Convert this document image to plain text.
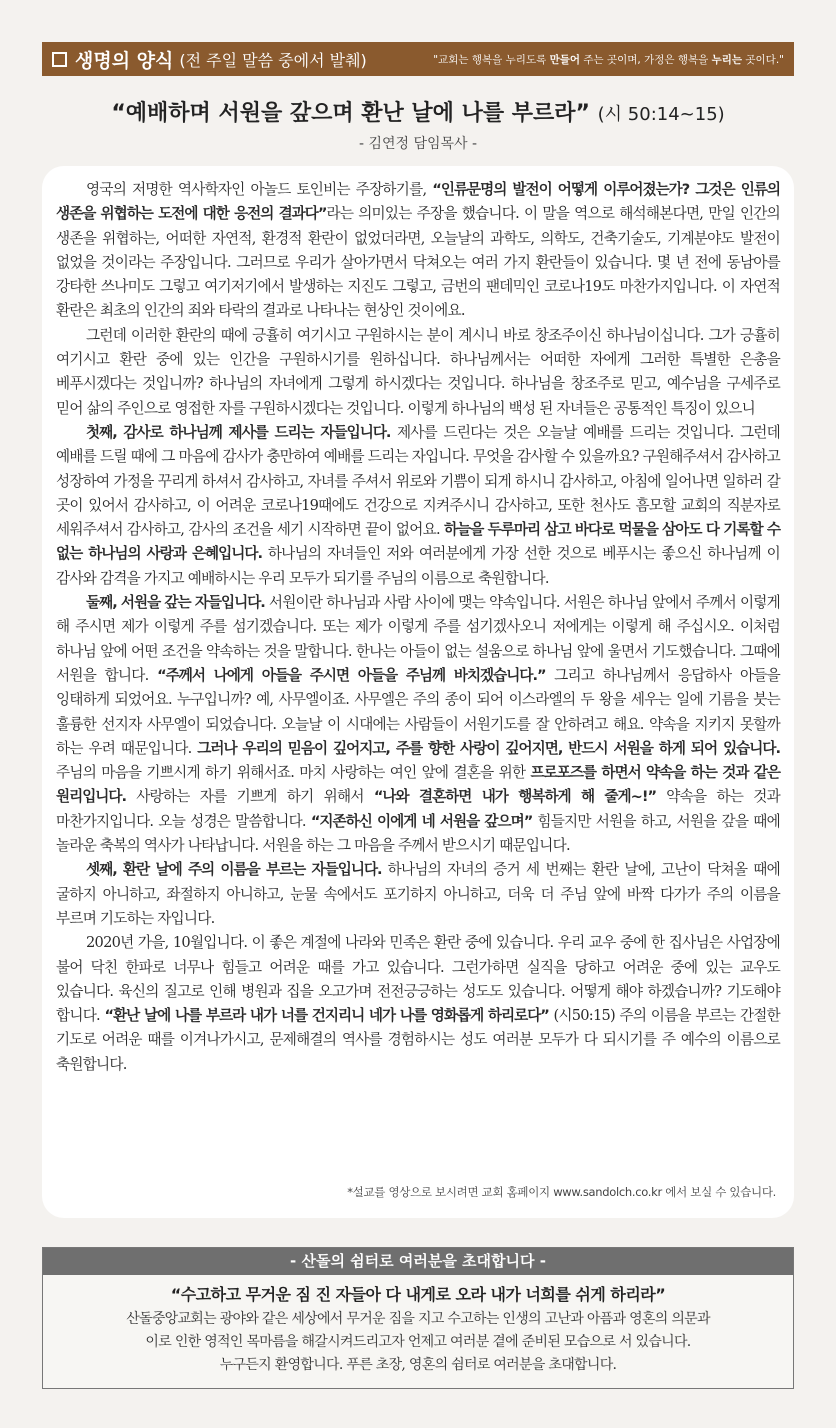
생명의 양식 (전 주일 말씀 중에서 발췌)	"교회는 행복을 누리도록 만들어 주는 곳이며, 가정은 행복을 누리는 곳이다."
“예배하며 서원을 갚으며 환난 날에 나를 부르라” (시 50:14~15)
- 김연정 담임목사 -

영국의 저명한 역사학자인 아놀드 토인비는 주장하기를, “인류문명의 발전이 어떻게 이루어졌는가? 그것은 인류의 생존을 위협하는 도전에 대한 응전의 결과다”라는 의미있는 주장을 했습니다. 이 말을 역으로 해석해본다면, 만일 인간의 생존을 위협하는, 어떠한 자연적, 환경적 환란이 없었더라면, 오늘날의 과학도, 의학도, 건축기술도, 기계분야도 발전이 없었을 것이라는 주장입니다. 그러므로 우리가 살아가면서 닥쳐오는 여러 가지 환란들이 있습니다. 몇 년 전에 동남아를 강타한 쓰나미도 그렇고 여기저기에서 발생하는 지진도 그렇고, 금번의 팬데믹인 코로나19도 마찬가지입니다. 이 자연적 환란은 최초의 인간의 죄와 타락의 결과로 나타나는 현상인 것이에요.

그런데 이러한 환란의 때에 긍휼히 여기시고 구원하시는 분이 계시니 바로 창조주이신 하나님이십니다. 그가 긍휼히 여기시고 환란 중에 있는 인간을 구원하시기를 원하십니다. 하나님께서는 어떠한 자에게 그러한 특별한 은총을 베푸시겠다는 것입니까? 하나님의 자녀에게 그렇게 하시겠다는 것입니다. 하나님을 창조주로 믿고, 예수님을 구세주로 믿어 삶의 주인으로 영접한 자를 구원하시겠다는 것입니다. 이렇게 하나님의 백성 된 자녀들은 공통적인 특징이 있으니

첫째, 감사로 하나님께 제사를 드리는 자들입니다. 제사를 드린다는 것은 오늘날 예배를 드리는 것입니다. 그런데 예배를 드릴 때에 그 마음에 감사가 충만하여 예배를 드리는 자입니다. 무엇을 감사할 수 있을까요? 구원해주셔서 감사하고 성장하여 가정을 꾸리게 하셔서 감사하고, 자녀를 주셔서 위로와 기쁨이 되게 하시니 감사하고, 아침에 일어나면 일하러 갈 곳이 있어서 감사하고, 이 어려운 코로나19때에도 건강으로 지켜주시니 감사하고, 또한 천사도 흠모할 교회의 직분자로 세워주셔서 감사하고, 감사의 조건을 세기 시작하면 끝이 없어요. 하늘을 두루마리 삼고 바다로 먹물을 삼아도 다 기록할 수 없는 하나님의 사랑과 은혜입니다. 하나님의 자녀들인 저와 여러분에게 가장 선한 것으로 베푸시는 좋으신 하나님께 이 감사와 감격을 가지고 예배하시는 우리 모두가 되기를 주님의 이름으로 축원합니다.

둘째, 서원을 갚는 자들입니다. 서원이란 하나님과 사람 사이에 맺는 약속입니다. 서원은 하나님 앞에서 주께서 이렇게 해 주시면 제가 이렇게 주를 섬기겠습니다. 또는 제가 이렇게 주를 섬기겠사오니 저에게는 이렇게 해 주십시오. 이처럼 하나님 앞에 어떤 조건을 약속하는 것을 말합니다. 한나는 아들이 없는 설움으로 하나님 앞에 울면서 기도했습니다. 그때에 서원을 합니다. “주께서 나에게 아들을 주시면 아들을 주님께 바치겠습니다.” 그리고 하나님께서 응답하사 아들을 잉태하게 되었어요. 누구입니까? 예, 사무엘이죠. 사무엘은 주의 종이 되어 이스라엘의 두 왕을 세우는 일에 기름을 붓는 훌륭한 선지자 사무엘이 되었습니다. 오늘날 이 시대에는 사람들이 서원기도를 잘 안하려고 해요. 약속을 지키지 못할까 하는 우려 때문입니다. 그러나 우리의 믿음이 깊어지고, 주를 향한 사랑이 깊어지면, 반드시 서원을 하게 되어 있습니다. 주님의 마음을 기쁘시게 하기 위해서죠. 마치 사랑하는 여인 앞에 결혼을 위한 프로포즈를 하면서 약속을 하는 것과 같은 원리입니다. 사랑하는 자를 기쁘게 하기 위해서 “나와 결혼하면 내가 행복하게 해 줄게~!” 약속을 하는 것과 마찬가지입니다. 오늘 성경은 말씀합니다. “지존하신 이에게 네 서원을 갚으며” 힘들지만 서원을 하고, 서원을 갚을 때에 놀라운 축복의 역사가 나타납니다. 서원을 하는 그 마음을 주께서 받으시기 때문입니다.

셋째, 환란 날에 주의 이름을 부르는 자들입니다. 하나님의 자녀의 증거 세 번째는 환란 날에, 고난이 닥쳐올 때에 굴하지 아니하고, 좌절하지 아니하고, 눈물 속에서도 포기하지 아니하고, 더욱 더 주님 앞에 바짝 다가가 주의 이름을 부르며 기도하는 자입니다.

2020년 가을, 10월입니다. 이 좋은 계절에 나라와 민족은 환란 중에 있습니다. 우리 교우 중에 한 집사님은 사업장에 불어 닥친 한파로 너무나 힘들고 어려운 때를 가고 있습니다. 그런가하면 실직을 당하고 어려운 중에 있는 교우도 있습니다. 육신의 질고로 인해 병원과 집을 오고가며 전전긍긍하는 성도도 있습니다. 어떻게 해야 하겠습니까? 기도해야 합니다. “환난 날에 나를 부르라 내가 너를 건지리니 네가 나를 영화롭게 하리로다” (시50:15) 주의 이름을 부르는 간절한 기도로 어려운 때를 이겨나가시고, 문제해결의 역사를 경험하시는 성도 여러분 모두가 다 되시기를 주 예수의 이름으로 축원합니다.

*설교를 영상으로 보시려면 교회 홈페이지 www.sandolch.co.kr 에서 보실 수 있습니다.
- 산돌의 쉼터로 여러분을 초대합니다 -
“수고하고 무거운 짐 진 자들아 다 내게로 오라 내가 너희를 쉬게 하리라”
산돌중앙교회는 광야와 같은 세상에서 무거운 짐을 지고 수고하는 인생의 고난과 아픔과 영혼의 의문과
이로 인한 영적인 목마름을 해갈시켜드리고자 언제고 여러분 곁에 준비된 모습으로 서 있습니다.
누구든지 환영합니다. 푸른 초장, 영혼의 쉼터로 여러분을 초대합니다.
